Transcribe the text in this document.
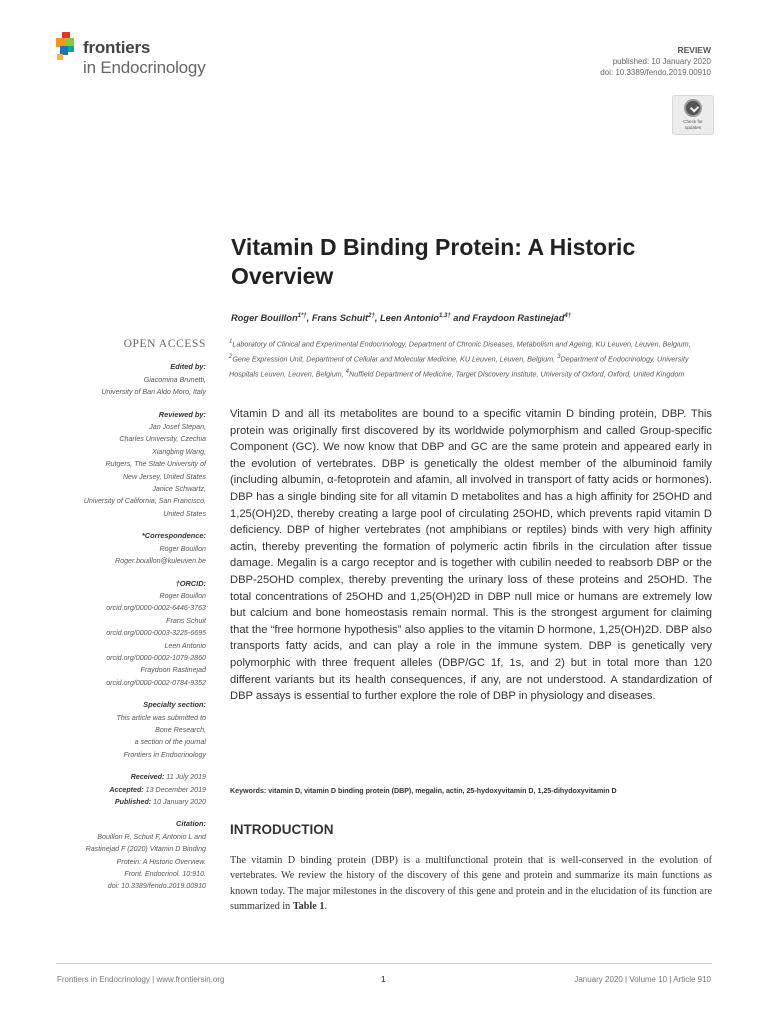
frontiers
in Endocrinology
REVIEW
published: 10 January 2020
doi: 10.3389/fendo.2019.00910
Check for
updates
Vitamin D Binding Protein: A Historic Overview
Roger Bouillon$^{1*\dagger}$, Frans Schuit$^{2\dagger}$, Leen Antonio$^{1,3\dagger}$ and Fraydoon Rastinejad$^{4\dagger}$
$^1$Laboratory of Clinical and Experimental Endocrinology, Department of Chronic Diseases, Metabolism and Ageing, KU Leuven, Leuven, Belgium, $^2$Gene Expression Unit, Department of Cellular and Molecular Medicine, KU Leuven, Leuven, Belgium, $^3$Department of Endocrinology, University Hospitals Leuven, Leuven, Belgium, $^4$Nuffield Department of Medicine, Target Discovery Institute, University of Oxford, Oxford, United Kingdom
OPEN ACCESS
Edited by:
Giacomina Brunetti,
University of Bari Aldo Moro, Italy
Reviewed by:
Jan Josef Stepan,
Charles University, Czechia
Xiangbing Wang,
Rutgers, The State University of
New Jersey, United States
Janice Schwartz,
University of California, San Francisco,
United States
*Correspondence:
Roger Bouillon
Roger.bouillon@kuleuven.be
†ORCID:
Roger Bouillon
orcid.org/0000-0002-6446-3763
Frans Schuit
orcid.org/0000-0003-3225-6695
Leen Antonio
orcid.org/0000-0002-1079-2860
Fraydoon Rastinejad
orcid.org/0000-0002-0784-9352
Specialty section:
This article was submitted to
Bone Research,
a section of the journal
Frontiers in Endocrinology
Received: 11 July 2019
Accepted: 13 December 2019
Published: 10 January 2020
Citation:
Bouillon R, Schuit F, Antonio L and
Rastinejad F (2020) Vitamin D Binding
Protein: A Historic Overview.
Front. Endocrinol. 10:910.
doi: 10.3389/fendo.2019.00910

Vitamin D and all its metabolites are bound to a specific vitamin D binding protein, DBP. This protein was originally first discovered by its worldwide polymorphism and called Group-specific Component (GC). We now know that DBP and GC are the same protein and appeared early in the evolution of vertebrates. DBP is genetically the oldest member of the albuminoid family (including albumin, α-fetoprotein and afamin, all involved in transport of fatty acids or hormones). DBP has a single binding site for all vitamin D metabolites and has a high affinity for 25OHD and 1,25(OH)2D, thereby creating a large pool of circulating 25OHD, which prevents rapid vitamin D deficiency. DBP of higher vertebrates (not amphibians or reptiles) binds with very high affinity actin, thereby preventing the formation of polymeric actin fibrils in the circulation after tissue damage. Megalin is a cargo receptor and is together with cubilin needed to reabsorb DBP or the DBP-25OHD complex, thereby preventing the urinary loss of these proteins and 25OHD. The total concentrations of 25OHD and 1,25(OH)2D in DBP null mice or humans are extremely low but calcium and bone homeostasis remain normal. This is the strongest argument for claiming that the “free hormone hypothesis” also applies to the vitamin D hormone, 1,25(OH)2D. DBP also transports fatty acids, and can play a role in the immune system. DBP is genetically very polymorphic with three frequent alleles (DBP/GC 1f, 1s, and 2) but in total more than 120 different variants but its health consequences, if any, are not understood. A standardization of DBP assays is essential to further explore the role of DBP in physiology and diseases.

Keywords: vitamin D, vitamin D binding protein (DBP), megalin, actin, 25-hydoxyvitamin D, 1,25-dihydoxyvitamin D
INTRODUCTION

The vitamin D binding protein (DBP) is a multifunctional protein that is well-conserved in the evolution of vertebrates. We review the history of the discovery of this gene and protein and summarize its main functions as known today. The major milestones in the discovery of this gene and protein and in the elucidation of its function are summarized in Table 1.

Frontiers in Endocrinology | www.frontiersin.org	1	January 2020 | Volume 10 | Article 910
